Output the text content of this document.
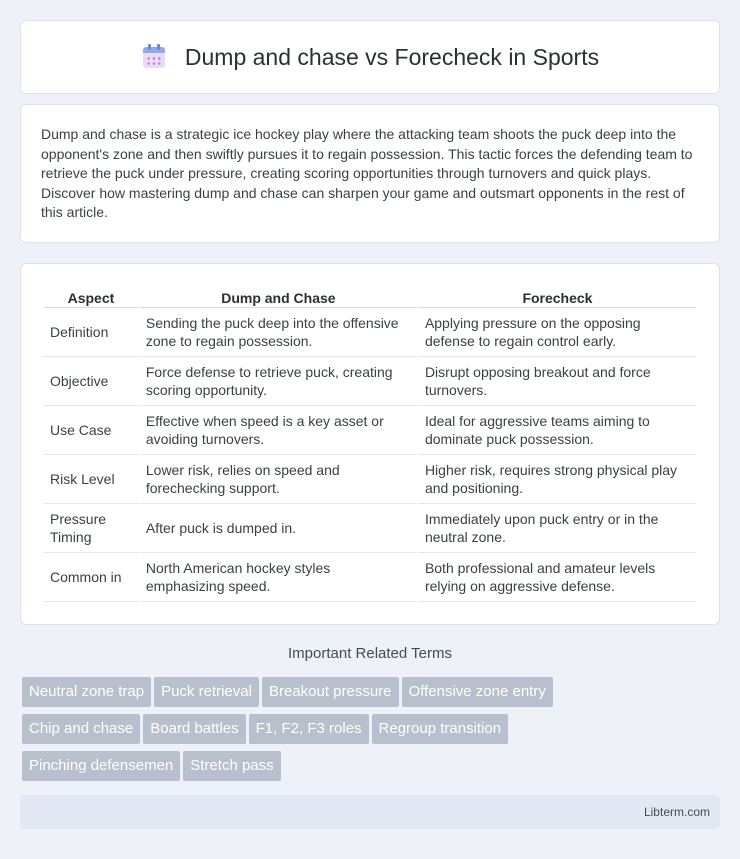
Dump and chase vs Forecheck in Sports

Dump and chase is a strategic ice hockey play where the attacking team shoots the puck deep into the opponent's zone and then swiftly pursues it to regain possession. This tactic forces the defending team to retrieve the puck under pressure, creating scoring opportunities through turnovers and quick plays. Discover how mastering dump and chase can sharpen your game and outsmart opponents in the rest of this article.

Aspect	Dump and Chase	Forecheck
Definition	Sending the puck deep into the offensive zone to regain possession.	Applying pressure on the opposing defense to regain control early.
Objective	Force defense to retrieve puck, creating scoring opportunity.	Disrupt opposing breakout and force turnovers.
Use Case	Effective when speed is a key asset or avoiding turnovers.	Ideal for aggressive teams aiming to dominate puck possession.
Risk Level	Lower risk, relies on speed and forechecking support.	Higher risk, requires strong physical play and positioning.
Pressure Timing	After puck is dumped in.	Immediately upon puck entry or in the neutral zone.
Common in	North American hockey styles emphasizing speed.	Both professional and amateur levels relying on aggressive defense.
Important Related Terms
Neutral zone trap Puck retrieval Breakout pressure Offensive zone entry
Chip and chase Board battles F1, F2, F3 roles Regroup transition
Pinching defensemen Stretch pass
Libterm.com
